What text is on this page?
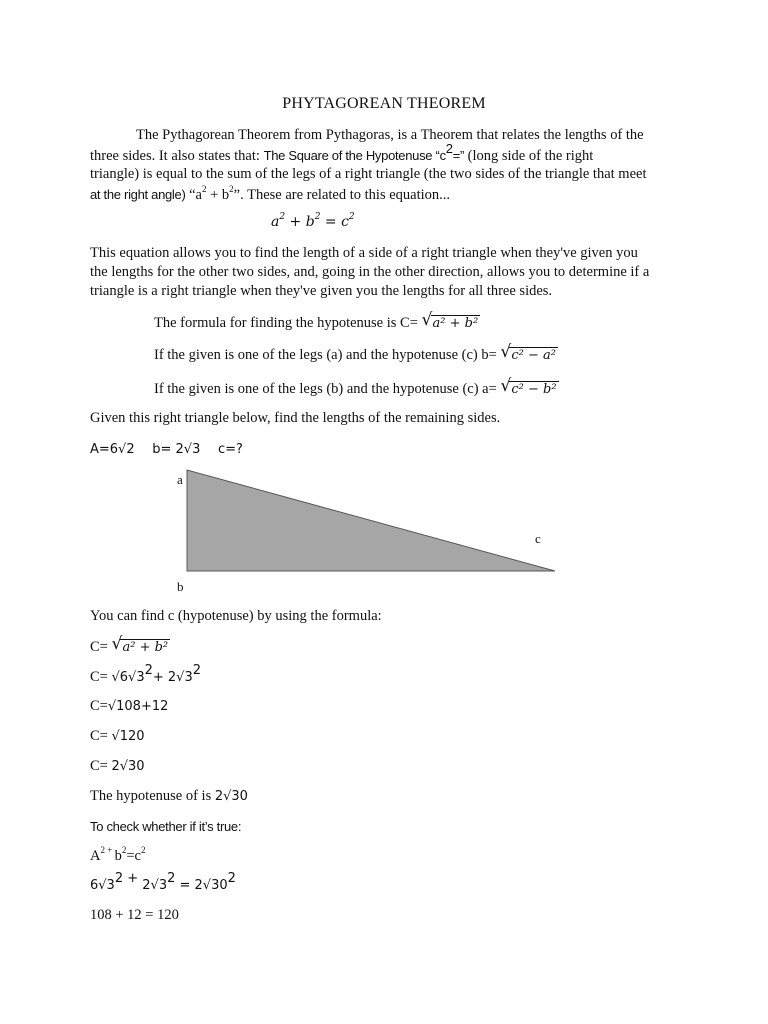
PHYTAGOREAN THEOREM
The Pythagorean Theorem from Pythagoras, is a Theorem that relates the lengths of the
three sides. It also states that: The Square of the Hypotenuse “$c^2=$” (long side of the right
triangle) is equal to the sum of the legs of a right triangle (the two sides of the triangle that meet
at the right angle) “$a^2 + b^2$”. These are related to this equation...
$a^2 + b^2 = c^2$
This equation allows you to find the length of a side of a right triangle when they've given you
the lengths for the other two sides, and, going in the other direction, allows you to determine if a
triangle is a right triangle when they've given you the lengths for all three sides.
The formula for finding the hypotenuse is C= √ a² + b²
If the given is one of the legs (a) and the hypotenuse (c) b= √ c² − a²
If the given is one of the legs (b) and the hypotenuse (c) a= √ c² − b²
Given this right triangle below, find the lengths of the remaining sides.
A=6√2 b= 2√3 c=?
a
c
b
You can find c (hypotenuse) by using the formula:
C= √ a² + b²
$C= √6√3^2+ 2√3^2$
C=√108+12
C= √120
C= 2√30
The hypotenuse of is 2√30
To check whether if it’s true:
$A^{2 +}$ $b^2=c^2$
$6√3^{2 +}$ $2√3^2 = 2√30^2$
108 + 12 = 120
